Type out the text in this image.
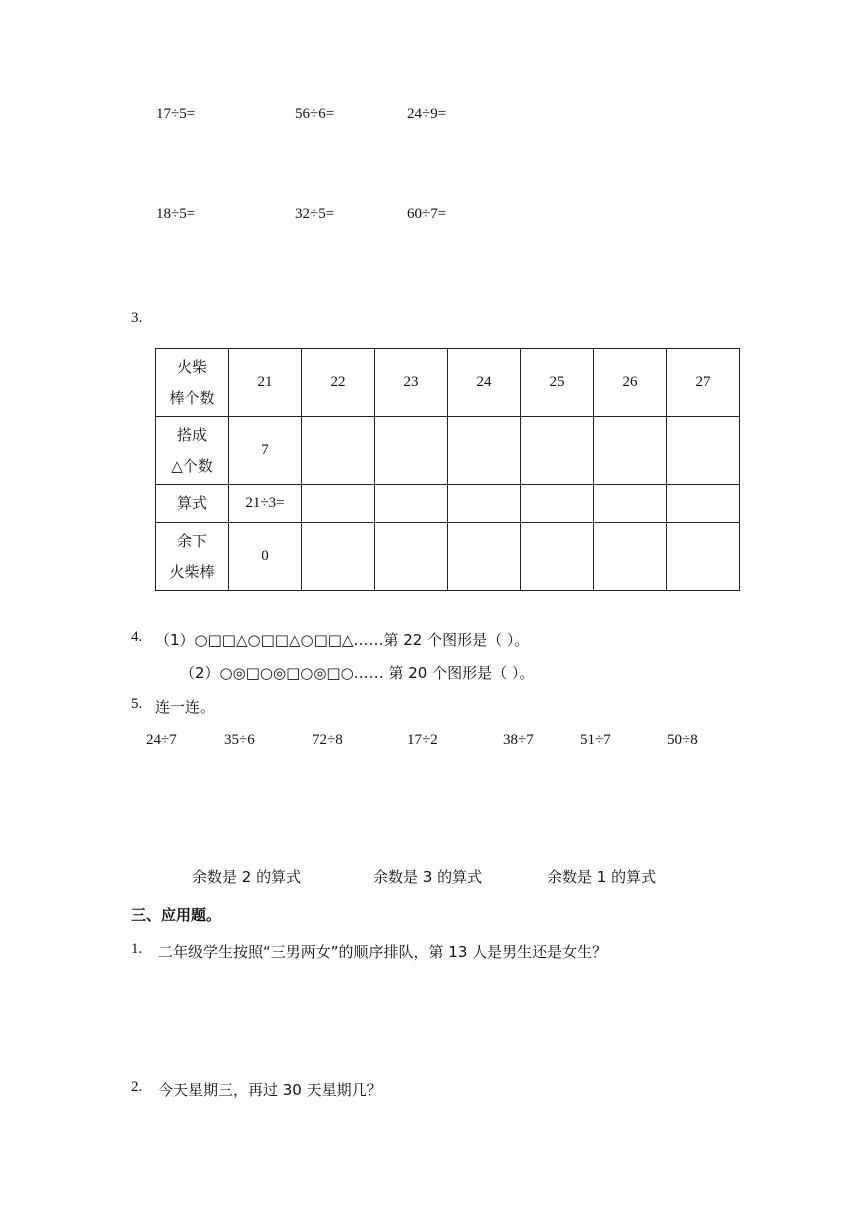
17÷5=	56÷6=	24÷9=
18÷5=	32÷5=	60÷7=
3.
火柴
棒个数	21	22	23	24	25	26	27

搭成
△个数	7						

算式	21÷3=						

余下
火柴棒	0						
4. （1）○□□△○□□△○□□△……第 22 个图形是（ ）。
（2）○◎□○◎□○◎□○…… 第 20 个图形是（ ）。
5. 连一连。
24÷7	35÷6	72÷8	17÷2	38÷7	51÷7	50÷8
余数是 2 的算式	余数是 3 的算式	余数是 1 的算式
三、应用题。
1. 二年级学生按照“三男两女”的顺序排队，第 13 人是男生还是女生？
2. 今天星期三，再过 30 天星期几？
